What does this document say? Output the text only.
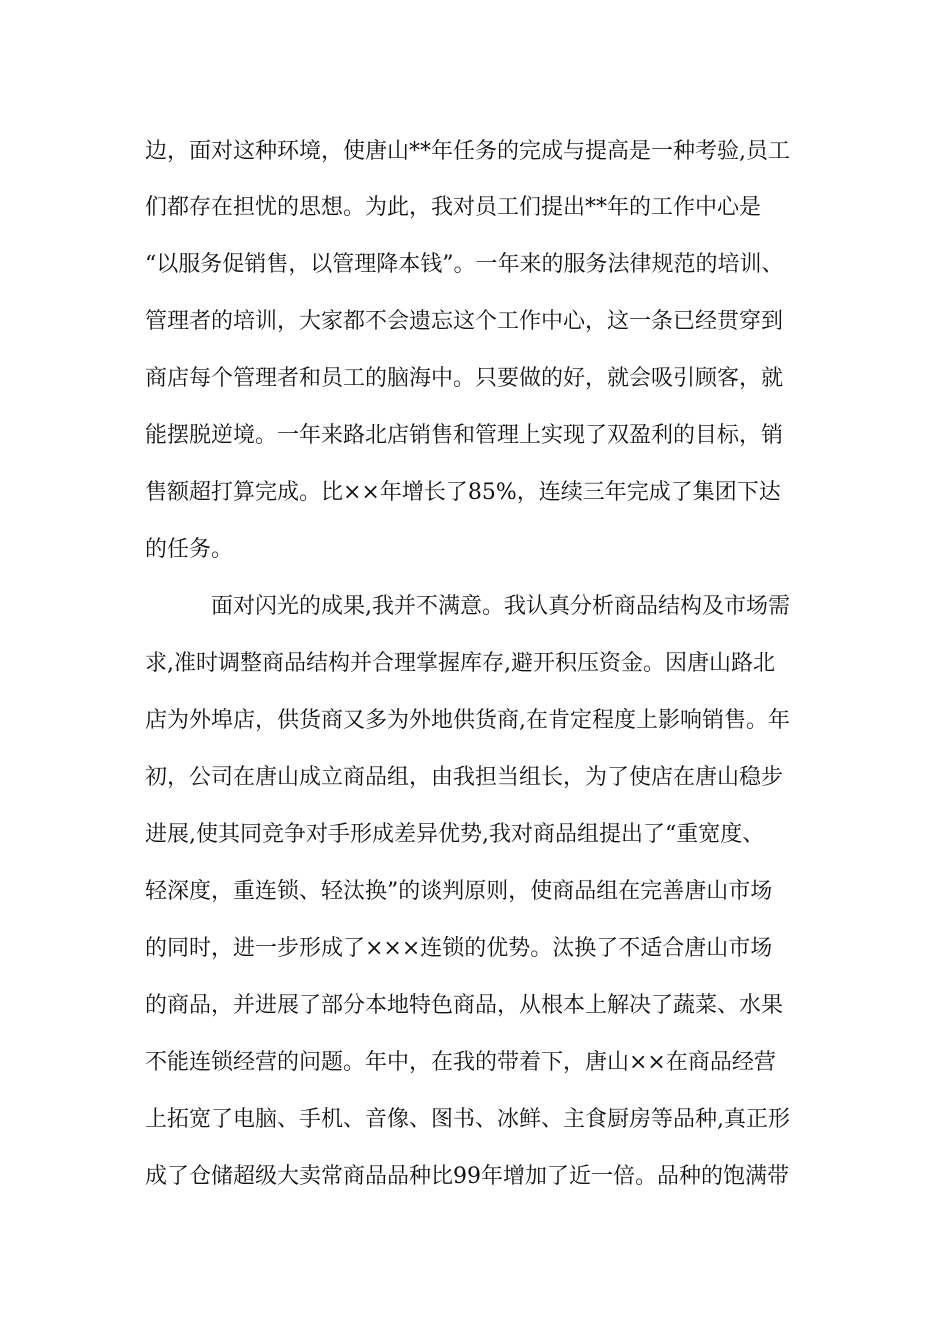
边，面对这种环境，使唐山**年任务的完成与提高是一种考验,员工
们都存在担忧的思想。为此，我对员工们提出**年的工作中心是
“以服务促销售，以管理降本钱”。一年来的服务法律规范的培训、
管理者的培训，大家都不会遗忘这个工作中心，这一条已经贯穿到
商店每个管理者和员工的脑海中。只要做的好，就会吸引顾客，就
能摆脱逆境。一年来路北店销售和管理上实现了双盈利的目标，销
售额超打算完成。比××年增长了85%，连续三年完成了集团下达
的任务。
面对闪光的成果,我并不满意。我认真分析商品结构及市场需
求,准时调整商品结构并合理掌握库存,避开积压资金。因唐山路北
店为外埠店，供货商又多为外地供货商,在肯定程度上影响销售。年
初，公司在唐山成立商品组，由我担当组长，为了使店在唐山稳步
进展,使其同竞争对手形成差异优势,我对商品组提出了“重宽度、
轻深度，重连锁、轻汰换”的谈判原则，使商品组在完善唐山市场
的同时，进一步形成了×××连锁的优势。汰换了不适合唐山市场
的商品，并进展了部分本地特色商品，从根本上解决了蔬菜、水果
不能连锁经营的问题。年中，在我的带着下，唐山××在商品经营
上拓宽了电脑、手机、音像、图书、冰鲜、主食厨房等品种,真正形
成了仓储超级大卖常商品品种比99年增加了近一倍。品种的饱满带
